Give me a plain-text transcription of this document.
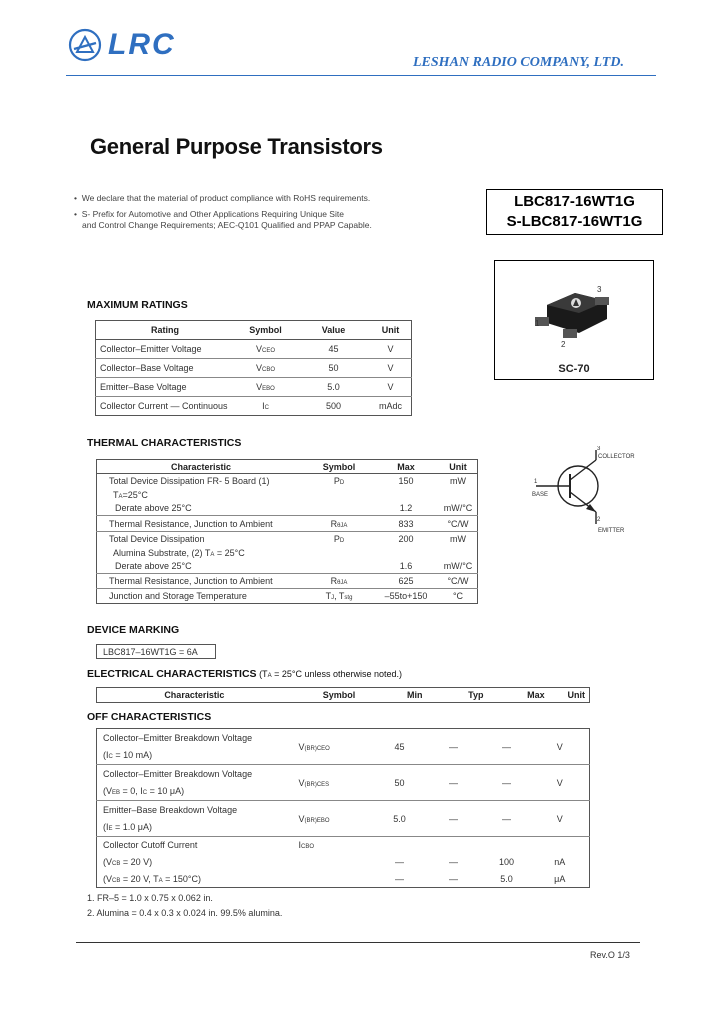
LRC
LESHAN RADIO COMPANY, LTD.
General Purpose Transistors
•  We declare that the material of product compliance with RoHS requirements.
•  S- Prefix for Automotive and Other Applications Requiring Unique Site
and Control Change Requirements; AEC-Q101 Qualified and PPAP Capable.
LBC817-16WT1G
S-LBC817-16WT1G
3
1
2
SC-70
MAXIMUM RATINGS
Rating	Symbol	Value	Unit
Collector–Emitter Voltage	VCEO	45	V
Collector–Base Voltage	VCBO	50	V
Emitter–Base Voltage	VEBO	5.0	V
Collector Current — Continuous	IC	500	mAdc
THERMAL CHARACTERISTICS
Characteristic	Symbol	Max	Unit
Total Device Dissipation FR- 5 Board (1)	PD	150	mW
TA=25°C			
Derate above 25°C		1.2	mW/°C
Thermal Resistance, Junction to Ambient	RθJA	833	°C/W
Total Device Dissipation	PD	200	mW
Alumina Substrate, (2) TA = 25°C			
Derate above 25°C		1.6	mW/°C
Thermal Resistance, Junction to Ambient	RθJA	625	°C/W
Junction and Storage Temperature	TJ, Tstg	–55to+150	°C
3
COLLECTOR
1
BASE
2
EMITTER
DEVICE MARKING
LBC817–16WT1G = 6A
ELECTRICAL CHARACTERISTICS (TA = 25°C unless otherwise noted.)
Characteristic	Symbol	Min	Typ	Max	Unit
OFF CHARACTERISTICS
Collector–Emitter Breakdown Voltage	V(BR)CEO	45	—	—	V
(IC = 10 mA)					
Collector–Emitter Breakdown Voltage	V(BR)CES	50	—	—	V
(VEB = 0, IC = 10 μA)					
Emitter–Base Breakdown Voltage	V(BR)EBO	5.0	—	—	V
(IE = 1.0 μA)					
Collector Cutoff Current	ICBO				
(VCB = 20 V)		—	—	100	nA
(VCB = 20 V, TA = 150°C)		—	—	5.0	μA
1. FR–5 = 1.0 x 0.75 x 0.062 in.
2. Alumina = 0.4 x 0.3 x 0.024 in. 99.5% alumina.
Rev.O 1/3
